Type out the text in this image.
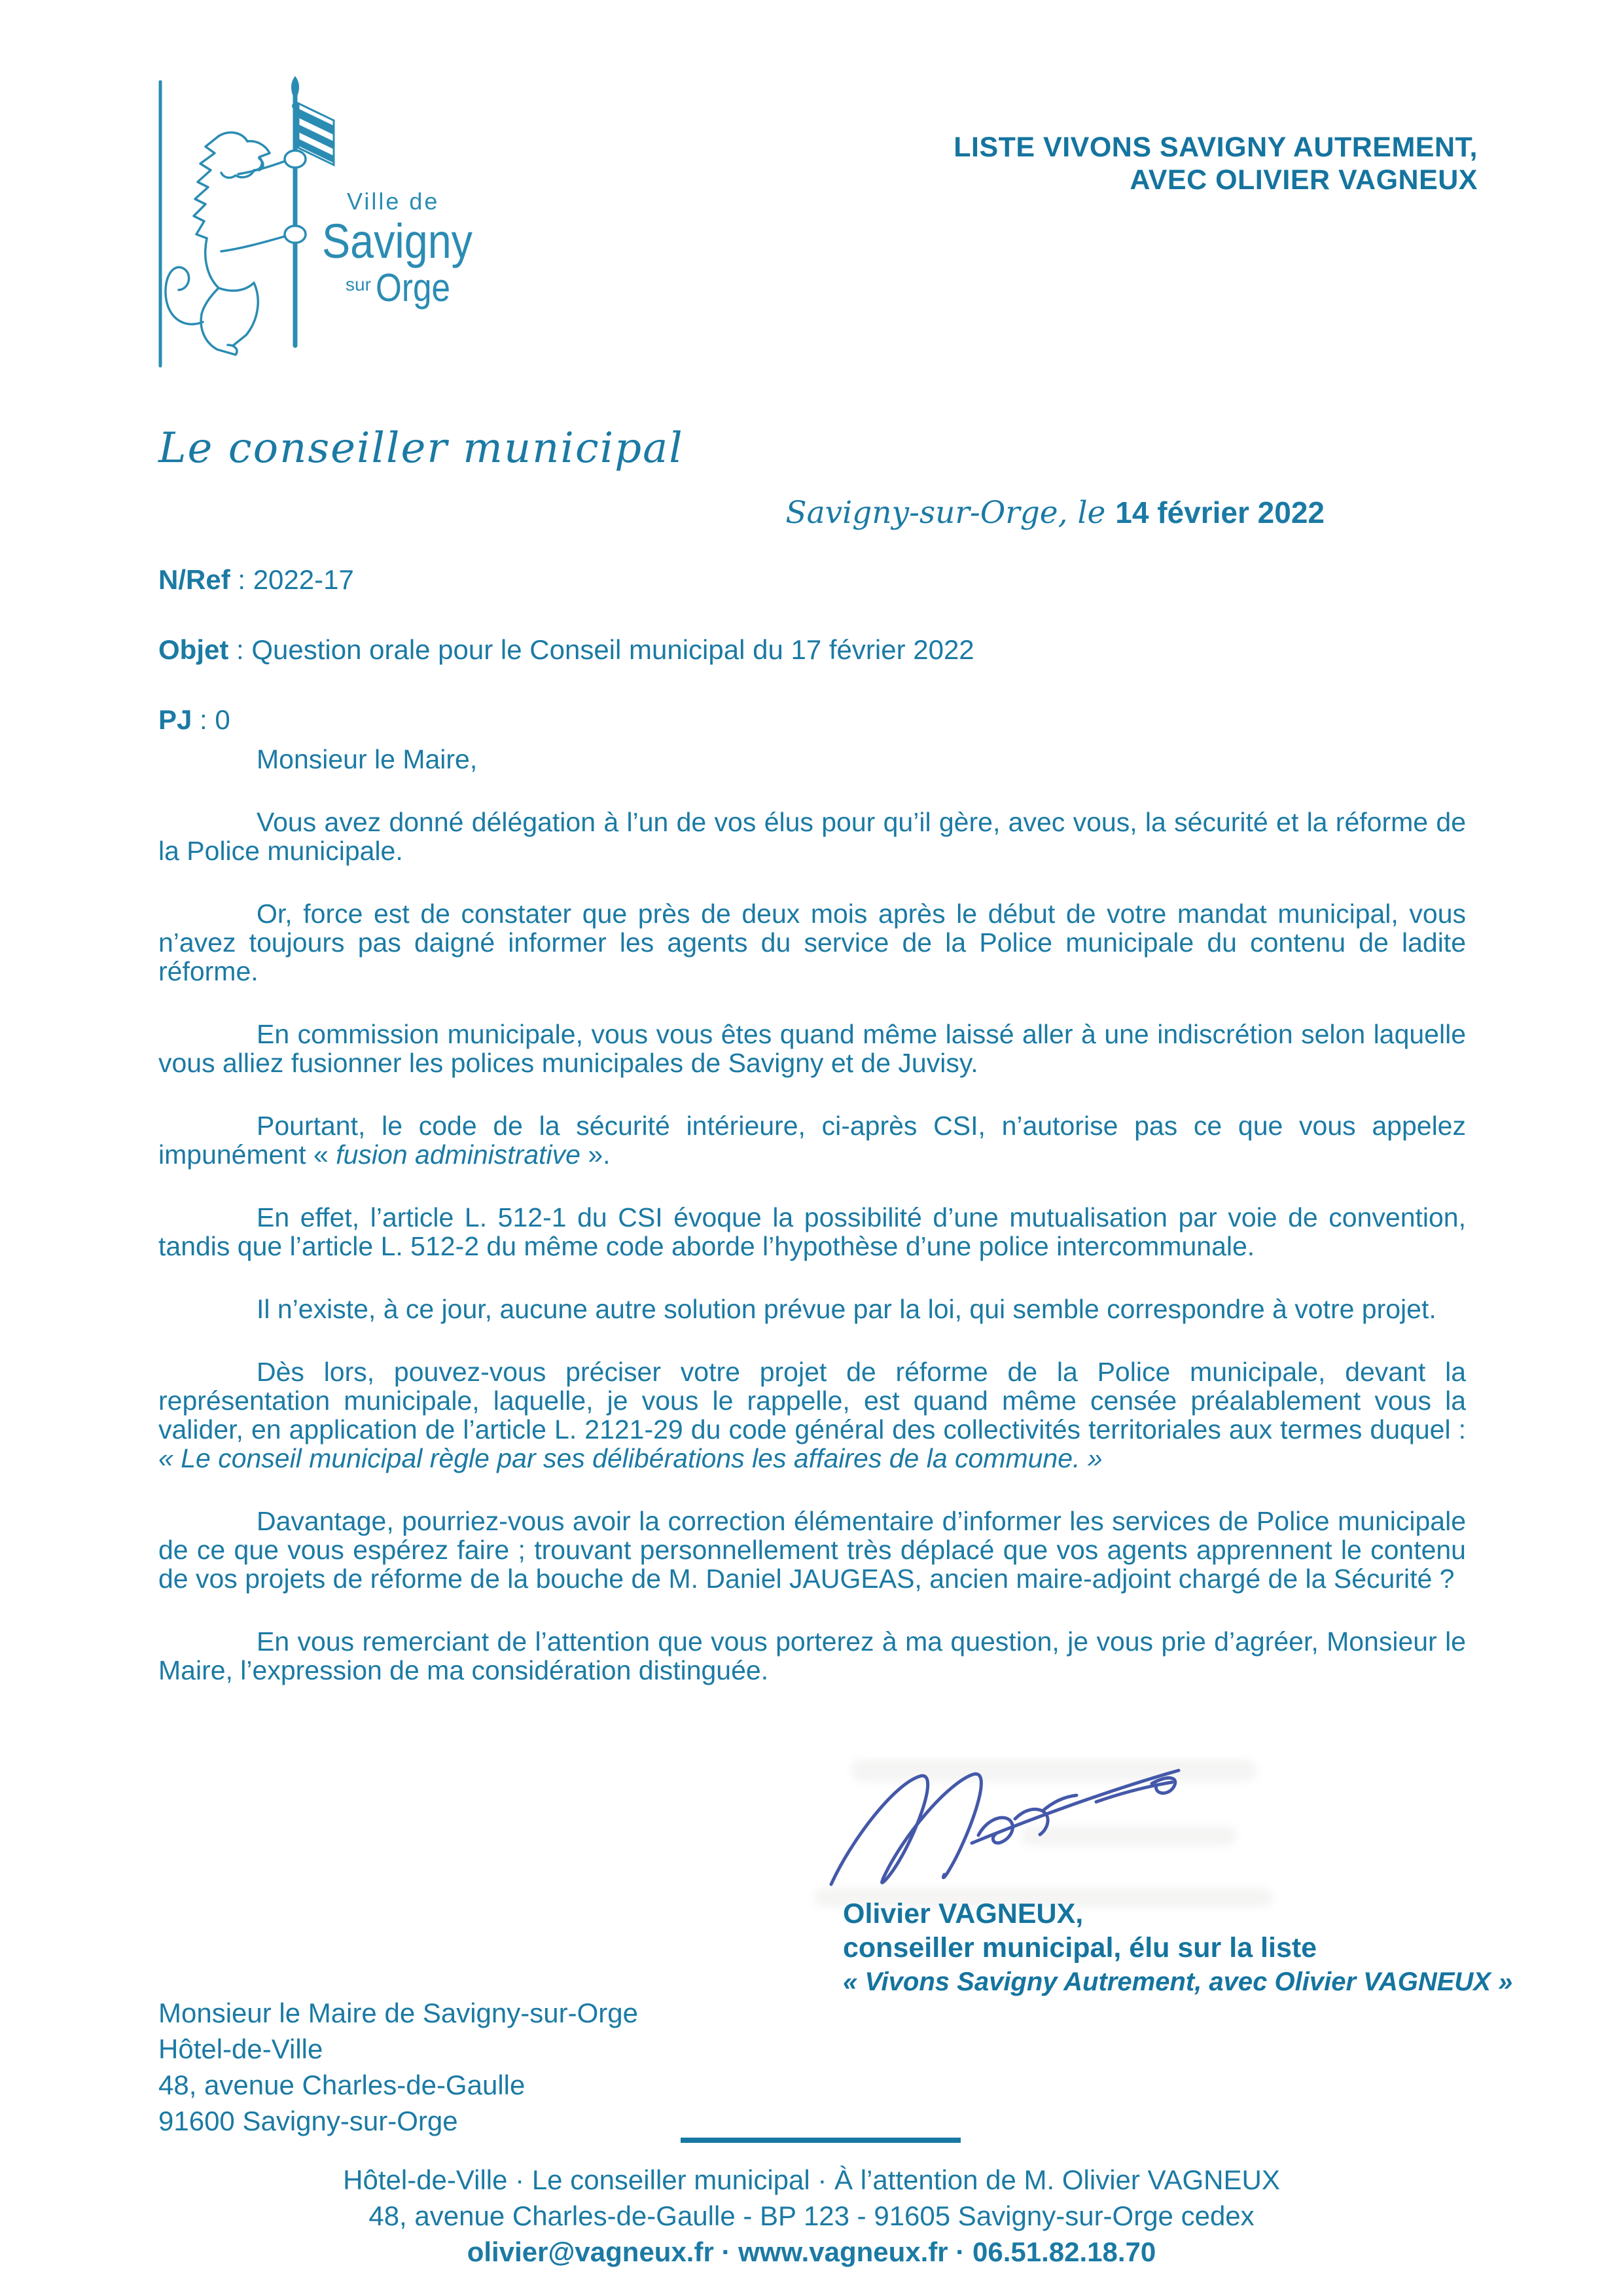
Ville de
Savigny
sur Orge
LISTE VIVONS SAVIGNY AUTREMENT,
AVEC OLIVIER VAGNEUX
Le conseiller municipal
Savigny-sur-Orge, le 14 février 2022
N/Ref : 2022-17
Objet : Question orale pour le Conseil municipal du 17 février 2022
PJ : 0

Monsieur le Maire,

Vous avez donné délégation à l’un de vos élus pour qu’il gère, avec vous, la sécurité et la réforme de la Police municipale.

Or, force est de constater que près de deux mois après le début de votre mandat municipal, vous n’avez toujours pas daigné informer les agents du service de la Police municipale du contenu de ladite réforme.

En commission municipale, vous vous êtes quand même laissé aller à une indiscrétion selon laquelle vous alliez fusionner les polices municipales de Savigny et de Juvisy.

Pourtant, le code de la sécurité intérieure, ci-après CSI, n’autorise pas ce que vous appelez impunément « fusion administrative ».

En effet, l’article L. 512-1 du CSI évoque la possibilité d’une mutualisation par voie de convention, tandis que l’article L. 512-2 du même code aborde l’hypothèse d’une police intercommunale.

Il n’existe, à ce jour, aucune autre solution prévue par la loi, qui semble correspondre à votre projet.

Dès lors, pouvez-vous préciser votre projet de réforme de la Police municipale, devant la représentation municipale, laquelle, je vous le rappelle, est quand même censée préalablement vous la valider, en application de l’article L. 2121-29 du code général des collectivités territoriales aux termes duquel : « Le conseil municipal règle par ses délibérations les affaires de la commune. »

Davantage, pourriez-vous avoir la correction élémentaire d’informer les services de Police municipale de ce que vous espérez faire ; trouvant personnellement très déplacé que vos agents apprennent le contenu de vos projets de réforme de la bouche de M. Daniel JAUGEAS, ancien maire-adjoint chargé de la Sécurité ?

En vous remerciant de l’attention que vous porterez à ma question, je vous prie d’agréer, Monsieur le Maire, l’expression de ma considération distinguée.

Olivier VAGNEUX,
conseiller municipal, élu sur la liste
« Vivons Savigny Autrement, avec Olivier VAGNEUX »
Monsieur le Maire de Savigny-sur-Orge
Hôtel-de-Ville
48, avenue Charles-de-Gaulle
91600 Savigny-sur-Orge
Hôtel-de-Ville · Le conseiller municipal · À l’attention de M. Olivier VAGNEUX
48, avenue Charles-de-Gaulle - BP 123 - 91605 Savigny-sur-Orge cedex
olivier@vagneux.fr · www.vagneux.fr · 06.51.82.18.70
